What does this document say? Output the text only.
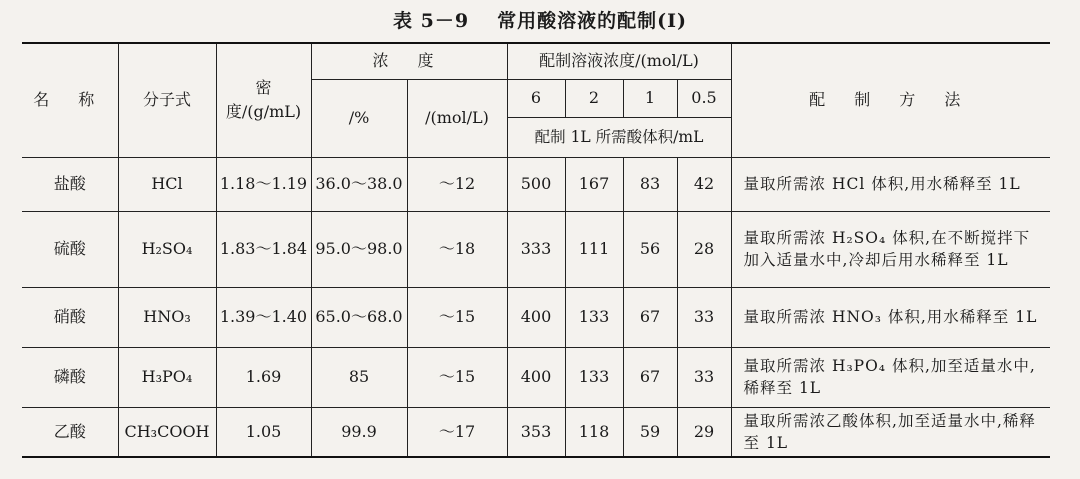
表 5－9 常用酸溶液的配制(Ⅰ)
名 称	分子式	密度/(g/mL)	浓 度		配制溶液浓度/(mol/L)				配 制 方 法
			/%	/(mol/L)	6	2	1	0.5	
					配制 1L 所需酸体积/mL				
盐酸	HCl	1.18～1.19	36.0～38.0	～12	500	167	83	42	量取所需浓 HCl 体积,用水稀释至 1L
硫酸	H₂SO₄	1.83～1.84	95.0～98.0	～18	333	111	56	28	量取所需浓 H₂SO₄ 体积,在不断搅拌下加入适量水中,冷却后用水稀释至 1L
硝酸	HNO₃	1.39～1.40	65.0～68.0	～15	400	133	67	33	量取所需浓 HNO₃ 体积,用水稀释至 1L
磷酸	H₃PO₄	1.69	85	～15	400	133	67	33	量取所需浓 H₃PO₄ 体积,加至适量水中,稀释至 1L
乙酸	CH₃COOH	1.05	99.9	～17	353	118	59	29	量取所需浓乙酸体积,加至适量水中,稀释至 1L
